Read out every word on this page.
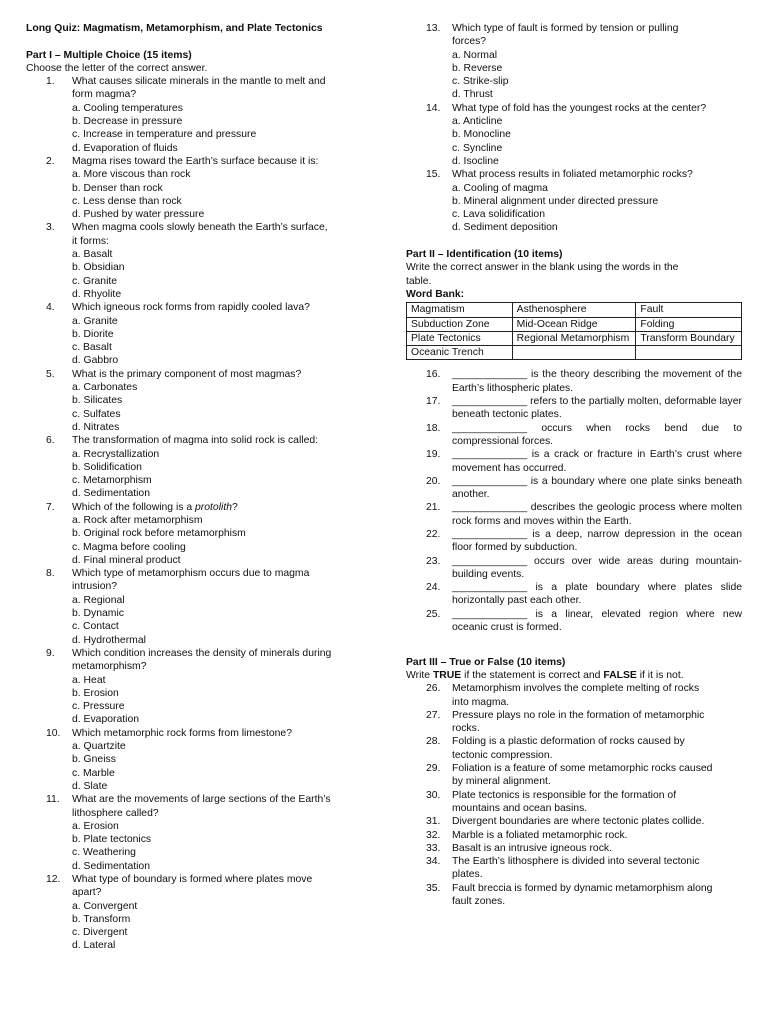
Long Quiz: Magmatism, Metamorphism, and Plate Tectonics
Part I – Multiple Choice (15 items)
Choose the letter of the correct answer.
1.	What causes silicate minerals in the mantle to melt and
form magma?
a. Cooling temperatures
b. Decrease in pressure
c. Increase in temperature and pressure
d. Evaporation of fluids
2.	Magma rises toward the Earth’s surface because it is:
a. More viscous than rock
b. Denser than rock
c. Less dense than rock
d. Pushed by water pressure
3.	When magma cools slowly beneath the Earth’s surface,
it forms:
a. Basalt
b. Obsidian
c. Granite
d. Rhyolite
4.	Which igneous rock forms from rapidly cooled lava?
a. Granite
b. Diorite
c. Basalt
d. Gabbro
5.	What is the primary component of most magmas?
a. Carbonates
b. Silicates
c. Sulfates
d. Nitrates
6.	The transformation of magma into solid rock is called:
a. Recrystallization
b. Solidification
c. Metamorphism
d. Sedimentation
7.	Which of the following is a protolith?
a. Rock after metamorphism
b. Original rock before metamorphism
c. Magma before cooling
d. Final mineral product
8.	Which type of metamorphism occurs due to magma
intrusion?
a. Regional
b. Dynamic
c. Contact
d. Hydrothermal
9.	Which condition increases the density of minerals during
metamorphism?
a. Heat
b. Erosion
c. Pressure
d. Evaporation
10.	Which metamorphic rock forms from limestone?
a. Quartzite
b. Gneiss
c. Marble
d. Slate
11.	What are the movements of large sections of the Earth’s
lithosphere called?
a. Erosion
b. Plate tectonics
c. Weathering
d. Sedimentation
12.	What type of boundary is formed where plates move
apart?
a. Convergent
b. Transform
c. Divergent
d. Lateral
13.	Which type of fault is formed by tension or pulling
forces?
a. Normal
b. Reverse
c. Strike-slip
d. Thrust
14.	What type of fold has the youngest rocks at the center?
a. Anticline
b. Monocline
c. Syncline
d. Isocline
15.	What process results in foliated metamorphic rocks?
a. Cooling of magma
b. Mineral alignment under directed pressure
c. Lava solidification
d. Sediment deposition
Part II – Identification (10 items)
Write the correct answer in the blank using the words in the
table.
Word Bank:
Magmatism	Asthenosphere	Fault
Subduction Zone	Mid-Ocean Ridge	Folding
Plate Tectonics	Regional Metamorphism	Transform Boundary
Oceanic Trench		
16.	_____________ is the theory describing the movement of the Earth’s lithospheric plates.
17.	_____________ refers to the partially molten, deformable layer beneath tectonic plates.
18.	_____________ occurs when rocks bend due to compressional forces.
19.	_____________ is a crack or fracture in Earth’s crust where movement has occurred.
20.	_____________ is a boundary where one plate sinks beneath another.
21.	_____________ describes the geologic process where molten rock forms and moves within the Earth.
22.	_____________ is a deep, narrow depression in the ocean floor formed by subduction.
23.	_____________ occurs over wide areas during mountain-building events.
24.	_____________ is a plate boundary where plates slide horizontally past each other.
25.	_____________ is a linear, elevated region where new oceanic crust is formed.
Part III – True or False (10 items)
Write TRUE if the statement is correct and FALSE if it is not.
26.	Metamorphism involves the complete melting of rocks
into magma.
27.	Pressure plays no role in the formation of metamorphic
rocks.
28.	Folding is a plastic deformation of rocks caused by
tectonic compression.
29.	Foliation is a feature of some metamorphic rocks caused
by mineral alignment.
30.	Plate tectonics is responsible for the formation of
mountains and ocean basins.
31.	Divergent boundaries are where tectonic plates collide.
32.	Marble is a foliated metamorphic rock.
33.	Basalt is an intrusive igneous rock.
34.	The Earth’s lithosphere is divided into several tectonic
plates.
35.	Fault breccia is formed by dynamic metamorphism along
fault zones.
